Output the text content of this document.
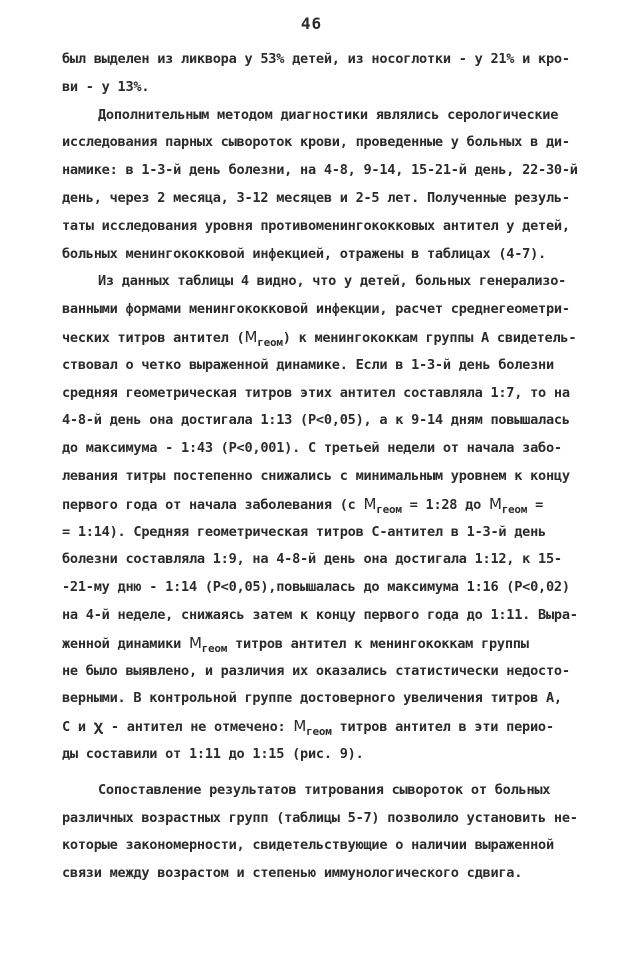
46
был выделен из ликвора у 53% детей, из носоглотки - у 21% и кро-
ви - у 13%.
Дополнительным методом диагностики являлись серологические
исследования парных сывороток крови, проведенные у больных в ди-
намике: в 1-3-й день болезни, на 4-8, 9-14, 15-21-й день, 22-30-й
день, через 2 месяца, 3-12 месяцев и 2-5 лет. Полученные резуль-
таты исследования уровня противоменингококковых антител у детей,
больных менингококковой инфекцией, отражены в таблицах (4-7).
Из данных таблицы 4 видно, что у детей, больных генерализо-
ванными формами менингококковой инфекции, расчет среднегеометри-
ческих титров антител $(M_{геом})$ к менингококкам группы А свидетель-
ствовал о четко выраженной динамике. Если в 1-3-й день болезни
средняя геометрическая титров этих антител составляла 1:7, то на
4-8-й день она достигала 1:13 (Р<0,05), а к 9-14 дням повышалась
до максимума - 1:43 (Р<0,001). С третьей недели от начала забо-
левания титры постепенно снижались с минимальным уровнем к концу
первого года от начала заболевания (с $M_{геом}$ = 1:28 до $M_{геом}$ =
= 1:14). Средняя геометрическая титров С-антител в 1-3-й день
болезни составляла 1:9, на 4-8-й день она достигала 1:12, к 15-
-21-му дню - 1:14 (Р<0,05),повышалась до максимума 1:16 (Р<0,02)
на 4-й неделе, снижаясь затем к концу первого года до 1:11. Выра-
женной динамики $M_{геом}$ титров антител к менингококкам группы
не было выявлено, и различия их оказались статистически недосто-
верными. В контрольной группе достоверного увеличения титров А,
С и 𝛘 - антител не отмечено: $M_{геом}$ титров антител в эти перио-
ды составили от 1:11 до 1:15 (рис. 9).
Сопоставление результатов титрования сывороток от больных
различных возрастных групп (таблицы 5-7) позволило установить не-
которые закономерности, свидетельствующие о наличии выраженной
связи между возрастом и степенью иммунологического сдвига.
